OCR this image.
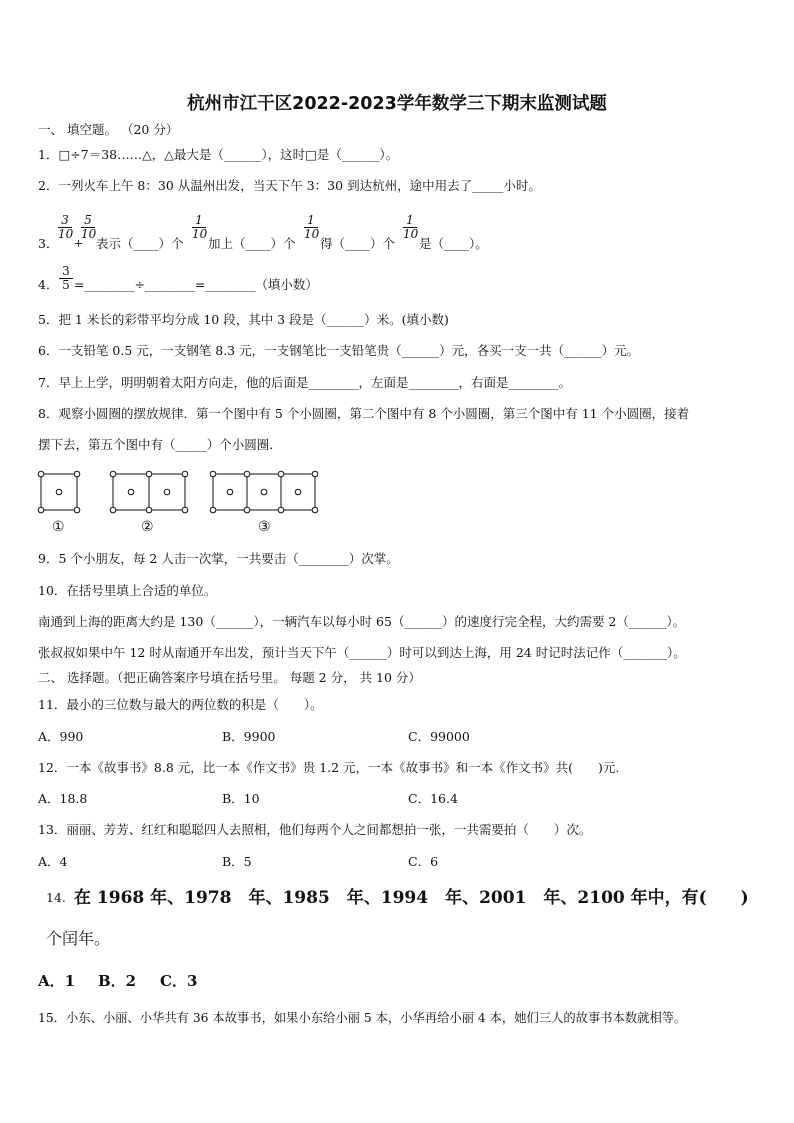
杭州市江干区2022-2023学年数学三下期末监测试题
一、 填空题。 （20 分）
1．□÷7＝38……△，△最大是（______），这时□是（______）。
2．一列火车上午 8：30 从温州出发，当天下午 3：30 到达杭州，途中用去了_____小时。
3．
$\frac{3}{10}$
+
$\frac{5}{10}$
表示（____）个
$\frac{1}{10}$
加上（____）个
$\frac{1}{10}$
得（____）个
$\frac{1}{10}$
是（____）。
4． $\frac{3}{5}$ =________÷________=________（填小数）
5．把 1 米长的彩带平均分成 10 段，其中 3 段是（______）米。(填小数)
6．一支铅笔 0.5 元，一支钢笔 8.3 元，一支钢笔比一支铅笔贵（______）元，各买一支一共（______）元。
7．早上上学，明明朝着太阳方向走，他的后面是________，左面是________，右面是________。
8．观察小圆圈的摆放规律．第一个图中有 5 个小圆圈，第二个图中有 8 个小圆圈，第三个图中有 11 个小圆圈，接着
摆下去，第五个图中有（_____）个小圆圈．
①	②	③
9．5 个小朋友，每 2 人击一次掌，一共要击（________）次掌。
10．在括号里填上合适的单位。
南通到上海的距离大约是 130（______），一辆汽车以每小时 65（______）的速度行完全程，大约需要 2（______）。
张叔叔如果中午 12 时从南通开车出发，预计当天下午（______）时可以到达上海，用 24 时记时法记作（_______）。
二、 选择题。（把正确答案序号填在括号里。 每题 2 分， 共 10 分）
11．最小的三位数与最大的两位数的积是（　　）。
A．990	B．9900	C．99000
12．一本《故事书》8.8 元，比一本《作文书》贵 1.2 元，一本《故事书》和一本《作文书》共(　　)元.
A．18.8	B．10	C．16.4
13．丽丽、芳芳、红红和聪聪四人去照相，他们每两个人之间都想拍一张，一共需要拍（　　）次。
A．4	B．5	C．6
14. 在 1968 年、1978　年、1985　年、1994　年、2001　年、2100 年中，有(　　)
个闰年。
A．1 B．2 C．3
15．小东、小丽、小华共有 36 本故事书，如果小东给小丽 5 本，小华再给小丽 4 本，她们三人的故事书本数就相等。
